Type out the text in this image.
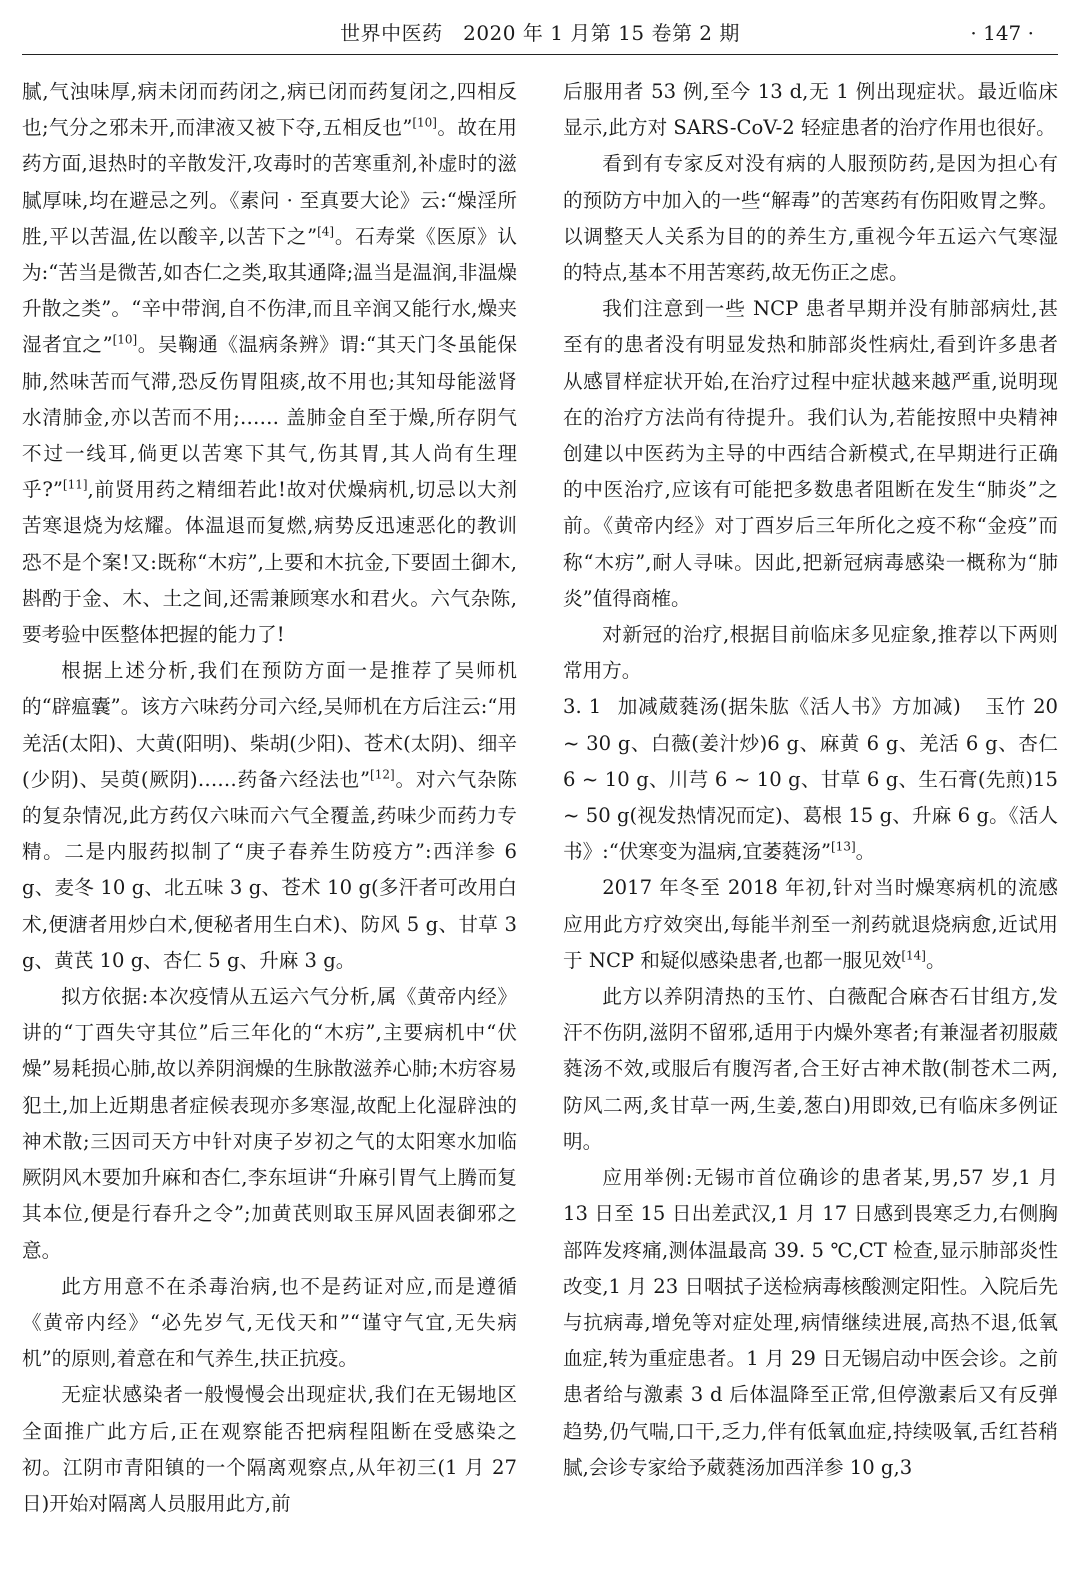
世界中医药　2020 年 1 月第 15 卷第 2 期	· 147 ·

腻,气浊味厚,病未闭而药闭之,病已闭而药复闭之,四相反也;气分之邪未开,而津液又被下夺,五相反也”[10]。故在用药方面,退热时的辛散发汗,攻毒时的苦寒重剂,补虚时的滋腻厚味,均在避忌之列。《素问 · 至真要大论》云:“燥淫所胜,平以苦温,佐以酸辛,以苦下之”[4]。石寿棠《医原》认为:“苦当是微苦,如杏仁之类,取其通降;温当是温润,非温燥升散之类”。“辛中带润,自不伤津,而且辛润又能行水,燥夹湿者宜之”[10]。吴鞠通《温病条辨》谓:“其天门冬虽能保肺,然味苦而气滞,恐反伤胃阻痰,故不用也;其知母能滋肾水清肺金,亦以苦而不用;…… 盖肺金自至于燥,所存阴气不过一线耳,倘更以苦寒下其气,伤其胃,其人尚有生理乎?”[11],前贤用药之精细若此!故对伏燥病机,切忌以大剂苦寒退烧为炫耀。体温退而复燃,病势反迅速恶化的教训恐不是个案!又:既称“木疠”,上要和木抗金,下要固土御木,斟酌于金、木、土之间,还需兼顾寒水和君火。六气杂陈,要考验中医整体把握的能力了!

根据上述分析,我们在预防方面一是推荐了吴师机的“辟瘟囊”。该方六味药分司六经,吴师机在方后注云:“用羌活(太阳)、大黄(阳明)、柴胡(少阳)、苍术(太阴)、细辛(少阴)、吴萸(厥阴)……药备六经法也”[12]。对六气杂陈的复杂情况,此方药仅六味而六气全覆盖,药味少而药力专精。二是内服药拟制了“庚子春养生防疫方”:西洋参 6 g、麦冬 10 g、北五味 3 g、苍术 10 g(多汗者可改用白术,便溏者用炒白术,便秘者用生白术)、防风 5 g、甘草 3 g、黄芪 10 g、杏仁 5 g、升麻 3 g。

拟方依据:本次疫情从五运六气分析,属《黄帝内经》讲的“丁酉失守其位”后三年化的“木疠”,主要病机中“伏燥”易耗损心肺,故以养阴润燥的生脉散滋养心肺;木疠容易犯土,加上近期患者症候表现亦多寒湿,故配上化湿辟浊的神术散;三因司天方中针对庚子岁初之气的太阳寒水加临厥阴风木要加升麻和杏仁,李东垣讲“升麻引胃气上腾而复其本位,便是行春升之令”;加黄芪则取玉屏风固表御邪之意。

此方用意不在杀毒治病,也不是药证对应,而是遵循《黄帝内经》“必先岁气,无伐天和”“谨守气宜,无失病机”的原则,着意在和气养生,扶正抗疫。

无症状感染者一般慢慢会出现症状,我们在无锡地区全面推广此方后,正在观察能否把病程阻断在受感染之初。江阴市青阳镇的一个隔离观察点,从年初三(1 月 27 日)开始对隔离人员服用此方,前

后服用者 53 例,至今 13 d,无 1 例出现症状。最近临床显示,此方对 SARS-CoV-2 轻症患者的治疗作用也很好。

看到有专家反对没有病的人服预防药,是因为担心有的预防方中加入的一些“解毒”的苦寒药有伤阳败胃之弊。以调整天人关系为目的的养生方,重视今年五运六气寒湿的特点,基本不用苦寒药,故无伤正之虑。

我们注意到一些 NCP 患者早期并没有肺部病灶,甚至有的患者没有明显发热和肺部炎性病灶,看到许多患者从感冒样症状开始,在治疗过程中症状越来越严重,说明现在的治疗方法尚有待提升。我们认为,若能按照中央精神创建以中医药为主导的中西结合新模式,在早期进行正确的中医治疗,应该有可能把多数患者阻断在发生“肺炎”之前。《黄帝内经》对丁酉岁后三年所化之疫不称“金疫”而称“木疠”,耐人寻味。因此,把新冠病毒感染一概称为“肺炎”值得商榷。

对新冠的治疗,根据目前临床多见症象,推荐以下两则常用方。

3. 1 加减葳蕤汤(据朱肱《活人书》方加减) 玉竹 20 ~ 30 g、白薇(姜汁炒)6 g、麻黄 6 g、羌活 6 g、杏仁 6 ~ 10 g、川芎 6 ~ 10 g、甘草 6 g、生石膏(先煎)15 ~ 50 g(视发热情况而定)、葛根 15 g、升麻 6 g。《活人书》:“伏寒变为温病,宜萎蕤汤”[13]。

2017 年冬至 2018 年初,针对当时燥寒病机的流感应用此方疗效突出,每能半剂至一剂药就退烧病愈,近试用于 NCP 和疑似感染患者,也都一服见效[14]。

此方以养阴清热的玉竹、白薇配合麻杏石甘组方,发汗不伤阴,滋阴不留邪,适用于内燥外寒者;有兼湿者初服葳蕤汤不效,或服后有腹泻者,合王好古神术散(制苍术二两,防风二两,炙甘草一两,生姜,葱白)用即效,已有临床多例证明。

应用举例:无锡市首位确诊的患者某,男,57 岁,1 月 13 日至 15 日出差武汉,1 月 17 日感到畏寒乏力,右侧胸部阵发疼痛,测体温最高 39. 5 ℃,CT 检查,显示肺部炎性改变,1 月 23 日咽拭子送检病毒核酸测定阳性。入院后先与抗病毒,增免等对症处理,病情继续进展,高热不退,低氧血症,转为重症患者。1 月 29 日无锡启动中医会诊。之前患者给与激素 3 d 后体温降至正常,但停激素后又有反弹趋势,仍气喘,口干,乏力,伴有低氧血症,持续吸氧,舌红苔稍腻,会诊专家给予葳蕤汤加西洋参 10 g,3
